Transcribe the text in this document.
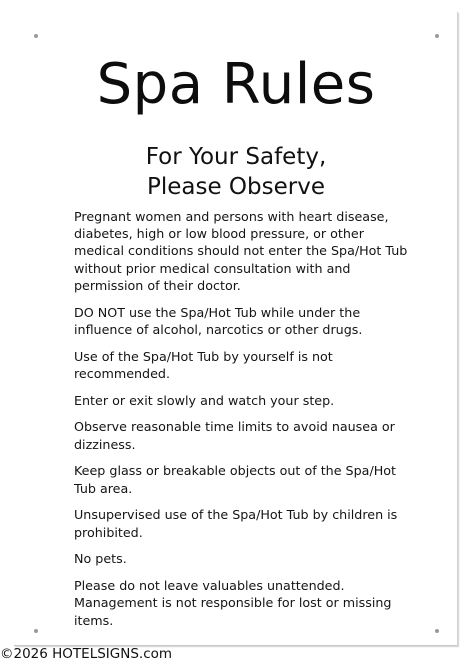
Spa Rules
For Your Safety,
Please Observe
Pregnant women and persons with heart disease, diabetes, high or low blood pressure, or other medical conditions should not enter the Spa/Hot Tub without prior medical consultation with and permission of their doctor.
DO NOT use the Spa/Hot Tub while under the influence of alcohol, narcotics or other drugs.
Use of the Spa/Hot Tub by yourself is not recommended.
Enter or exit slowly and watch your step.
Observe reasonable time limits to avoid nausea or dizziness.
Keep glass or breakable objects out of the Spa/Hot Tub area.
Unsupervised use of the Spa/Hot Tub by children is prohibited.
No pets.
Please do not leave valuables unattended. Management is not responsible for lost or missing items.
©2026 HOTELSIGNS.com
